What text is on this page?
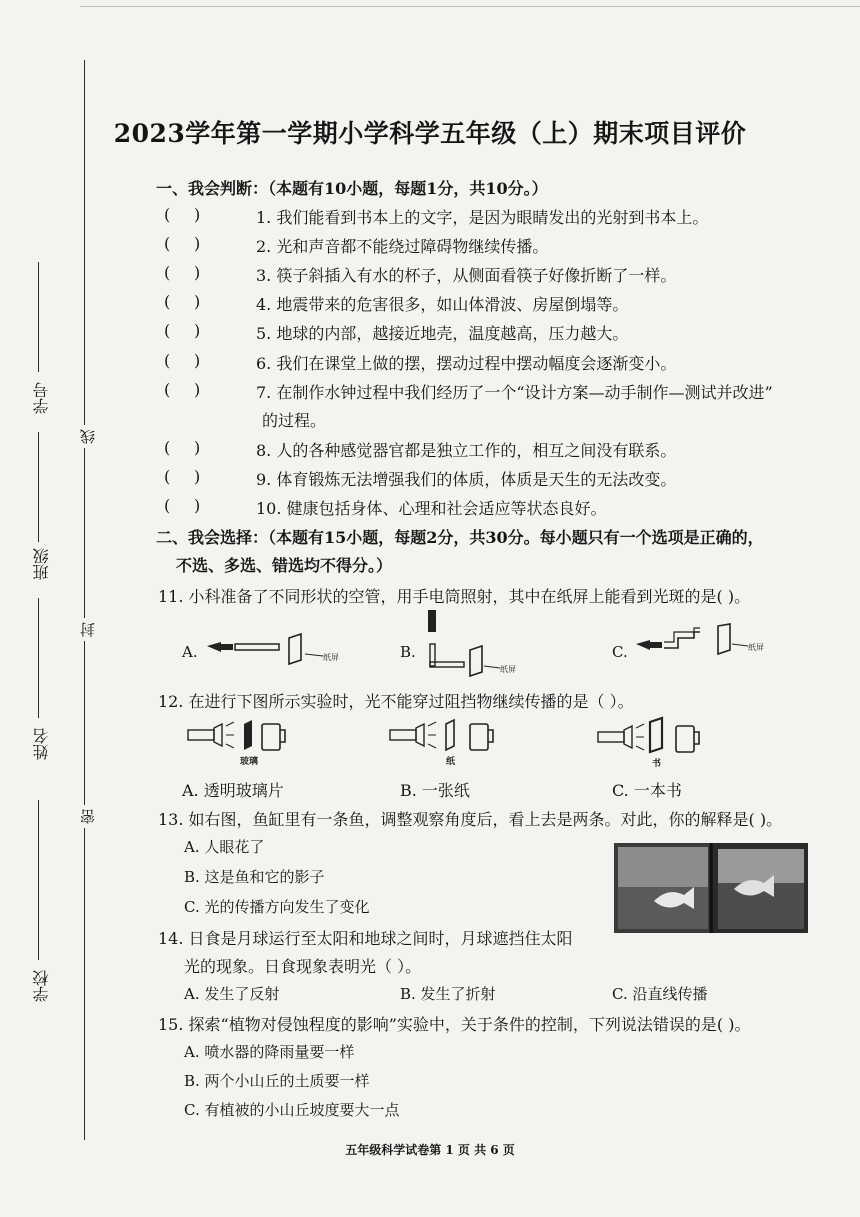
学号
班级
姓名
学校
线
封
密
2023学年第一学期小学科学五年级（上）期末项目评价
一、我会判断：（本题有10小题，每题1分，共10分。）
(	)	1. 我们能看到书本上的文字，是因为眼睛发出的光射到书本上。
(	)	2. 光和声音都不能绕过障碍物继续传播。
(	)	3. 筷子斜插入有水的杯子，从侧面看筷子好像折断了一样。
(	)	4. 地震带来的危害很多，如山体滑波、房屋倒塌等。
(	)	5. 地球的内部，越接近地壳，温度越高，压力越大。
(	)	6. 我们在课堂上做的摆，摆动过程中摆动幅度会逐渐变小。
(	)	7. 在制作水钟过程中我们经历了一个“设计方案—动手制作—测试并改进”
的过程。
(	)	8. 人的各种感觉器官都是独立工作的，相互之间没有联系。
(	)	9. 体育锻炼无法增强我们的体质，体质是天生的无法改变。
(	)	10. 健康包括身体、心理和社会适应等状态良好。
二、我会选择：（本题有15小题，每题2分，共30分。每小题只有一个选项是正确的，
不选、多选、错选均不得分。）
11. 小科准备了不同形状的空管，用手电筒照射，其中在纸屏上能看到光斑的是( )。
A.	B.	C.
纸屏
纸屏
纸屏
12. 在进行下图所示实验时，光不能穿过阻挡物继续传播的是（ ）。
玻璃	纸	书
A. 透明玻璃片	B. 一张纸	C. 一本书
13. 如右图，鱼缸里有一条鱼，调整观察角度后，看上去是两条。对此，你的解释是( )。
A. 人眼花了
B. 这是鱼和它的影子
C. 光的传播方向发生了变化
14. 日食是月球运行至太阳和地球之间时，月球遮挡住太阳
光的现象。日食现象表明光（ ）。
A. 发生了反射	B. 发生了折射	C. 沿直线传播
15. 探索“植物对侵蚀程度的影响”实验中，关于条件的控制，下列说法错误的是( )。
A. 喷水器的降雨量要一样
B. 两个小山丘的土质要一样
C. 有植被的小山丘坡度要大一点
五年级科学试卷第 1 页 共 6 页
